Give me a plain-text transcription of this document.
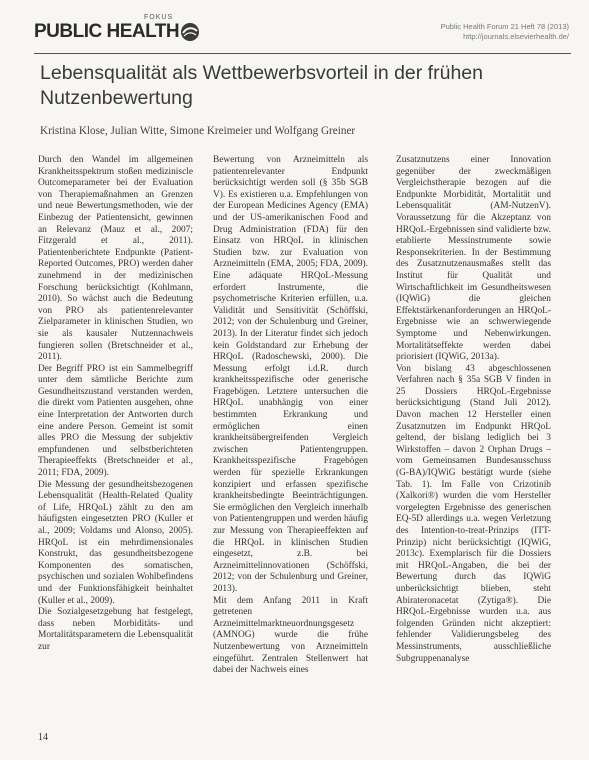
FOKUS
PUBLIC HEALTH	Public Health Forum 21 Heft 78 (2013)
http://journals.elsevierhealth.de/
Lebensqualität als Wettbewerbsvorteil in der frühen Nutzenbewertung
Kristina Klose, Julian Witte, Simone Kreimeier und Wolfgang Greiner

Durch den Wandel im allgemeinen Krankheitsspektrum stoßen mediziniscle Outcomeparameter bei der Evaluation von Therapiemaßnahmen an Grenzen und neue Bewertungsmethoden, wie der Einbezug der Patientensicht, gewinnen an Relevanz (Mauz et al., 2007; Fitzgerald et al., 2011). Patientenberichtete Endpunkte (Patient-Reported Outcomes, PRO) werden daher zunehmend in der medizinischen Forschung berücksichtigt (Kohlmann, 2010). So wächst auch die Bedeutung von PRO als patientenrelevanter Zielparameter in klinischen Studien, wo sie als kausaler Nutzennachweis fungieren sollen (Bretschneider et al., 2011).

Der Begriff PRO ist ein Sammelbegriff unter dem sämtliche Berichte zum Gesundheitszustand verstanden werden, die direkt vom Patienten ausgehen, ohne eine Interpretation der Antworten durch eine andere Person. Gemeint ist somit alles PRO die Messung der subjektiv empfundenen und selbstberichteten Therapieeffekts (Bretschneider et al., 2011; FDA, 2009).

Die Messung der gesundheitsbezogenen Lebensqualität (Health-Related Quality of Life, HRQoL) zählt zu den am häufigsten eingesetzten PRO (Kuller et al., 2009; Voldams und Alonso, 2005). HRQoL ist ein mehrdimensionales Konstrukt, das gesundheitsbezogene Komponenten des somatischen, psychischen und sozialen Wohlbefindens und der Funktionsfähigkeit beinhaltet (Kuller et al., 2009).

Die Sozialgesetzgebung hat festgelegt, dass neben Morbiditäts- und Mortalitätsparametern die Lebensqualität zur

Bewertung von Arzneimitteln als patientenrelevanter Endpunkt berücksichtigt werden soll (§ 35b SGB V). Es existieren u.a. Empfehlungen von der European Medicines Agency (EMA) und der US-amerikanischen Food and Drug Administration (FDA) für den Einsatz von HRQoL in klinischen Studien bzw. zur Evaluation von Arzneimitteln (EMA, 2005; FDA, 2009). Eine adäquate HRQoL-Messung erfordert Instrumente, die psychometrische Kriterien erfüllen, u.a. Validität und Sensitivität (Schöffski, 2012; von der Schulenburg und Greiner, 2013). In der Literatur findet sich jedoch kein Goldstandard zur Erhebung der HRQoL (Radoschewski, 2000). Die Messung erfolgt i.d.R. durch krankheitsspezifische oder generische Fragebögen. Letztere untersuchen die HRQoL unabhängig von einer bestimmten Erkrankung und ermöglichen einen krankheitsübergreifenden Vergleich zwischen Patientengruppen. Krankheitsspezifische Fragebögen werden für spezielle Erkrankungen konzipiert und erfassen spezifische krankheitsbedingte Beeinträchtigungen. Sie ermöglichen den Vergleich innerhalb von Patientengruppen und werden häufig zur Messung von Therapieeffekten auf die HRQoL in klinischen Studien eingesetzt, z.B. bei Arzneimittelinnovationen (Schöffski, 2012; von der Schulenburg und Greiner, 2013).

Mit dem Anfang 2011 in Kraft getretenen Arzneimittelmarktneuordnungsgesetz (AMNOG) wurde die frühe Nutzenbewertung von Arzneimitteln eingeführt. Zentralen Stellenwert hat dabei der Nachweis eines

Zusatznutzens einer Innovation gegenüber der zweckmäßigen Vergleichstherapie bezogen auf die Endpunkte Morbidität, Mortalität und Lebensqualität (AM-NutzenV). Voraussetzung für die Akzeptanz von HRQoL-Ergebnissen sind validierte bzw. etablierte Messinstrumente sowie Responsekriterien. In der Bestimmung des Zusatznutzenausmaßes stellt das Institut für Qualität und Wirtschaftlichkeit im Gesundheitswesen (IQWiG) die gleichen Effektstärkenanforderungen an HRQoL-Ergebnisse wie an schwerwiegende Symptome und Nebenwirkungen. Mortalitätseffekte werden dabei priorisiert (IQWiG, 2013a).

Von bislang 43 abgeschlossenen Verfahren nach § 35a SGB V finden in 25 Dossiers HRQoL-Ergebnisse berücksichtigung (Stand Juli 2012). Davon machen 12 Hersteller einen Zusatznutzen im Endpunkt HRQoL geltend, der bislang lediglich bei 3 Wirkstoffen – davon 2 Orphan Drugs – vom Gemeinsamen Bundesausschuss (G-BA)/IQWiG bestätigt wurde (siehe Tab. 1). Im Falle von Crizotinib (Xalkori®) wurden die vom Hersteller vorgelegten Ergebnisse des generischen EQ-5D allerdings u.a. wegen Verletzung des Intention-to-treat-Prinzips (ITT-Prinzip) nicht berücksichtigt (IQWiG, 2013c). Exemplarisch für die Dossiers mit HRQoL-Angaben, die bei der Bewertung durch das IQWiG unberücksichtigt blieben, steht Abirateronacetat (Zytiga®). Die HRQoL-Ergebnisse wurden u.a. aus folgenden Gründen nicht akzeptiert: fehlender Validierungsbeleg des Messinstruments, ausschließliche Subgruppenanalyse

14
